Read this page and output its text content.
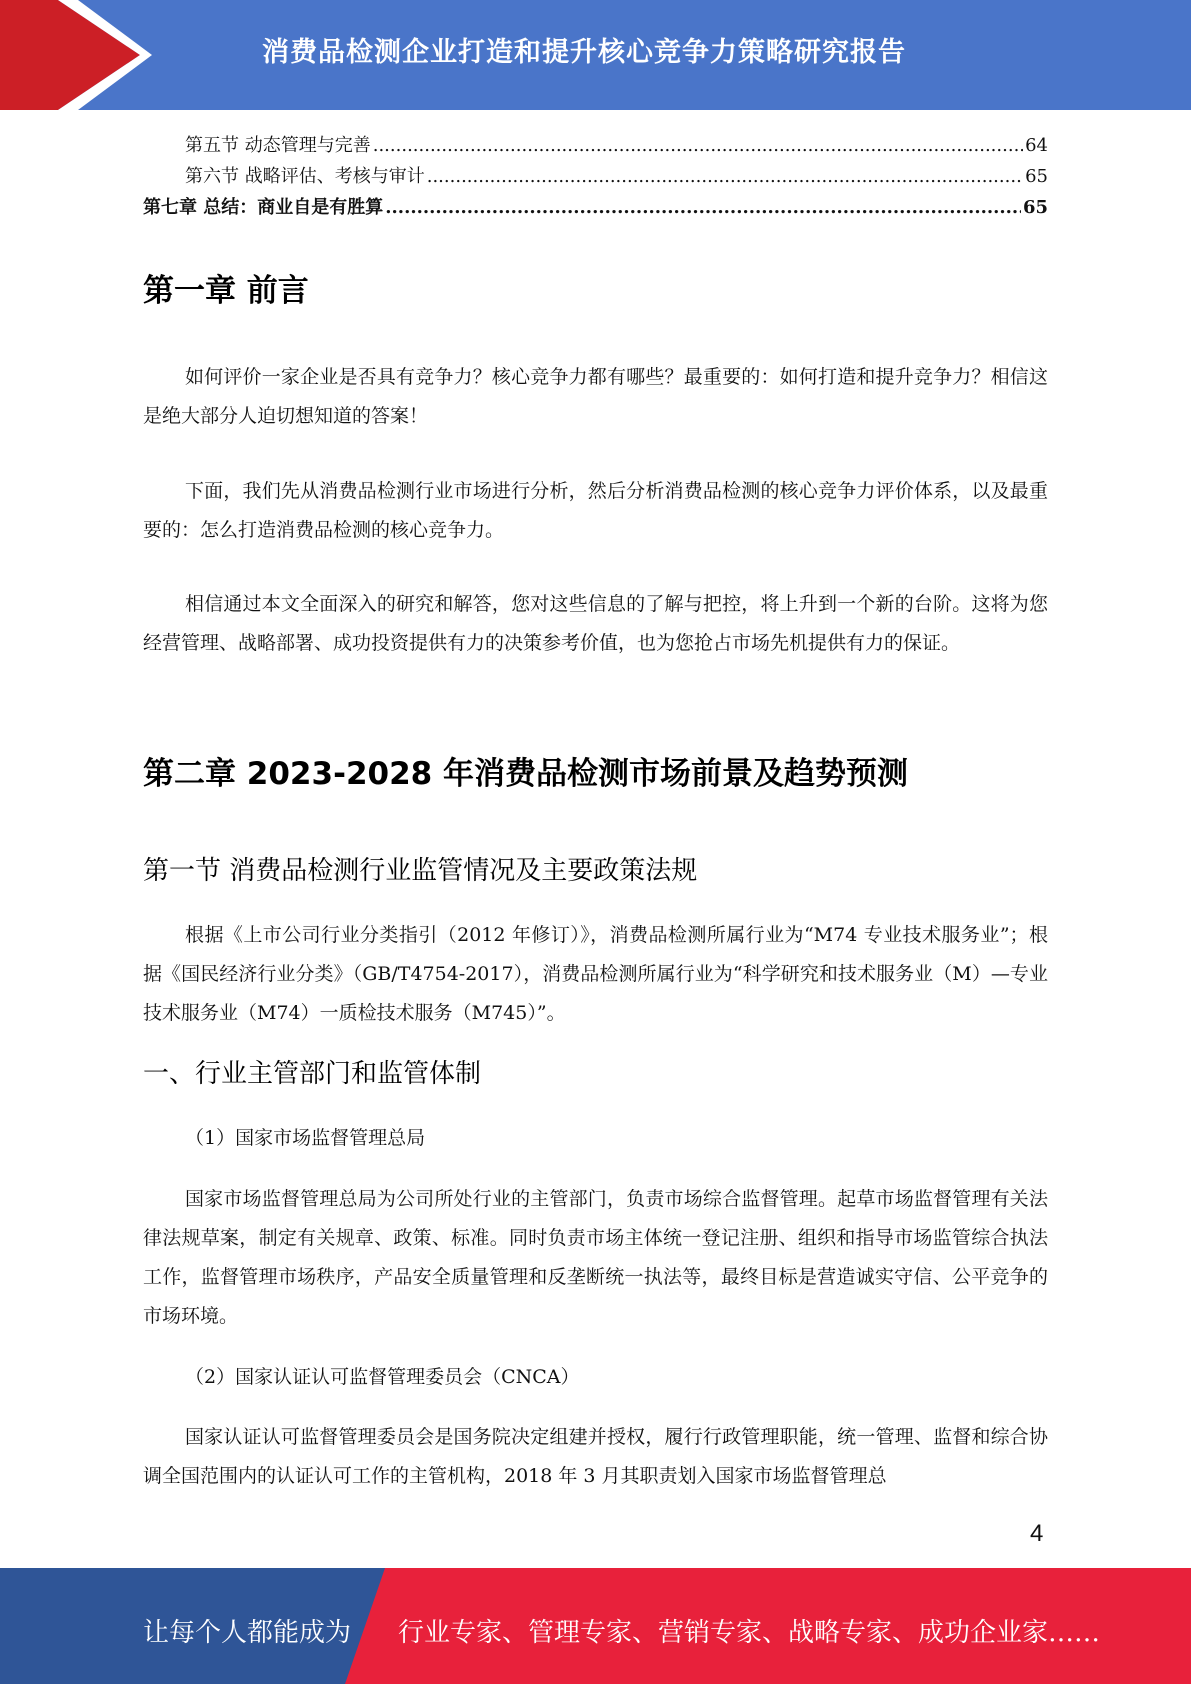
消费品检测企业打造和提升核心竞争力策略研究报告
第五节 动态管理与完善 .....	64
第六节 战略评估、考核与审计 .....	65
第七章 总结：商业自是有胜算 .....	65
第一章 前言

如何评价一家企业是否具有竞争力？核心竞争力都有哪些？最重要的：如何打造和提升竞争力？相信这是绝大部分人迫切想知道的答案！

下面，我们先从消费品检测行业市场进行分析，然后分析消费品检测的核心竞争力评价体系，以及最重要的：怎么打造消费品检测的核心竞争力。

相信通过本文全面深入的研究和解答，您对这些信息的了解与把控，将上升到一个新的台阶。这将为您经营管理、战略部署、成功投资提供有力的决策参考价值，也为您抢占市场先机提供有力的保证。

第二章 2023-2028 年消费品检测市场前景及趋势预测
第一节 消费品检测行业监管情况及主要政策法规

根据《上市公司行业分类指引（2012 年修订）》，消费品检测所属行业为“M74 专业技术服务业”；根据《国民经济行业分类》（GB/T4754-2017），消费品检测所属行业为“科学研究和技术服务业（M）—专业技术服务业（M74）一质检技术服务（M745）”。

一、行业主管部门和监管体制
（1）国家市场监督管理总局

国家市场监督管理总局为公司所处行业的主管部门，负责市场综合监督管理。起草市场监督管理有关法律法规草案，制定有关规章、政策、标准。同时负责市场主体统一登记注册、组织和指导市场监管综合执法工作，监督管理市场秩序，产品安全质量管理和反垄断统一执法等，最终目标是营造诚实守信、公平竞争的市场环境。

（2）国家认证认可监督管理委员会（CNCA）

国家认证认可监督管理委员会是国务院决定组建并授权，履行行政管理职能，统一管理、监督和综合协调全国范围内的认证认可工作的主管机构，2018 年 3 月其职责划入国家市场监督管理总

4
让每个人都能成为 行业专家、管理专家、营销专家、战略专家、成功企业家……
